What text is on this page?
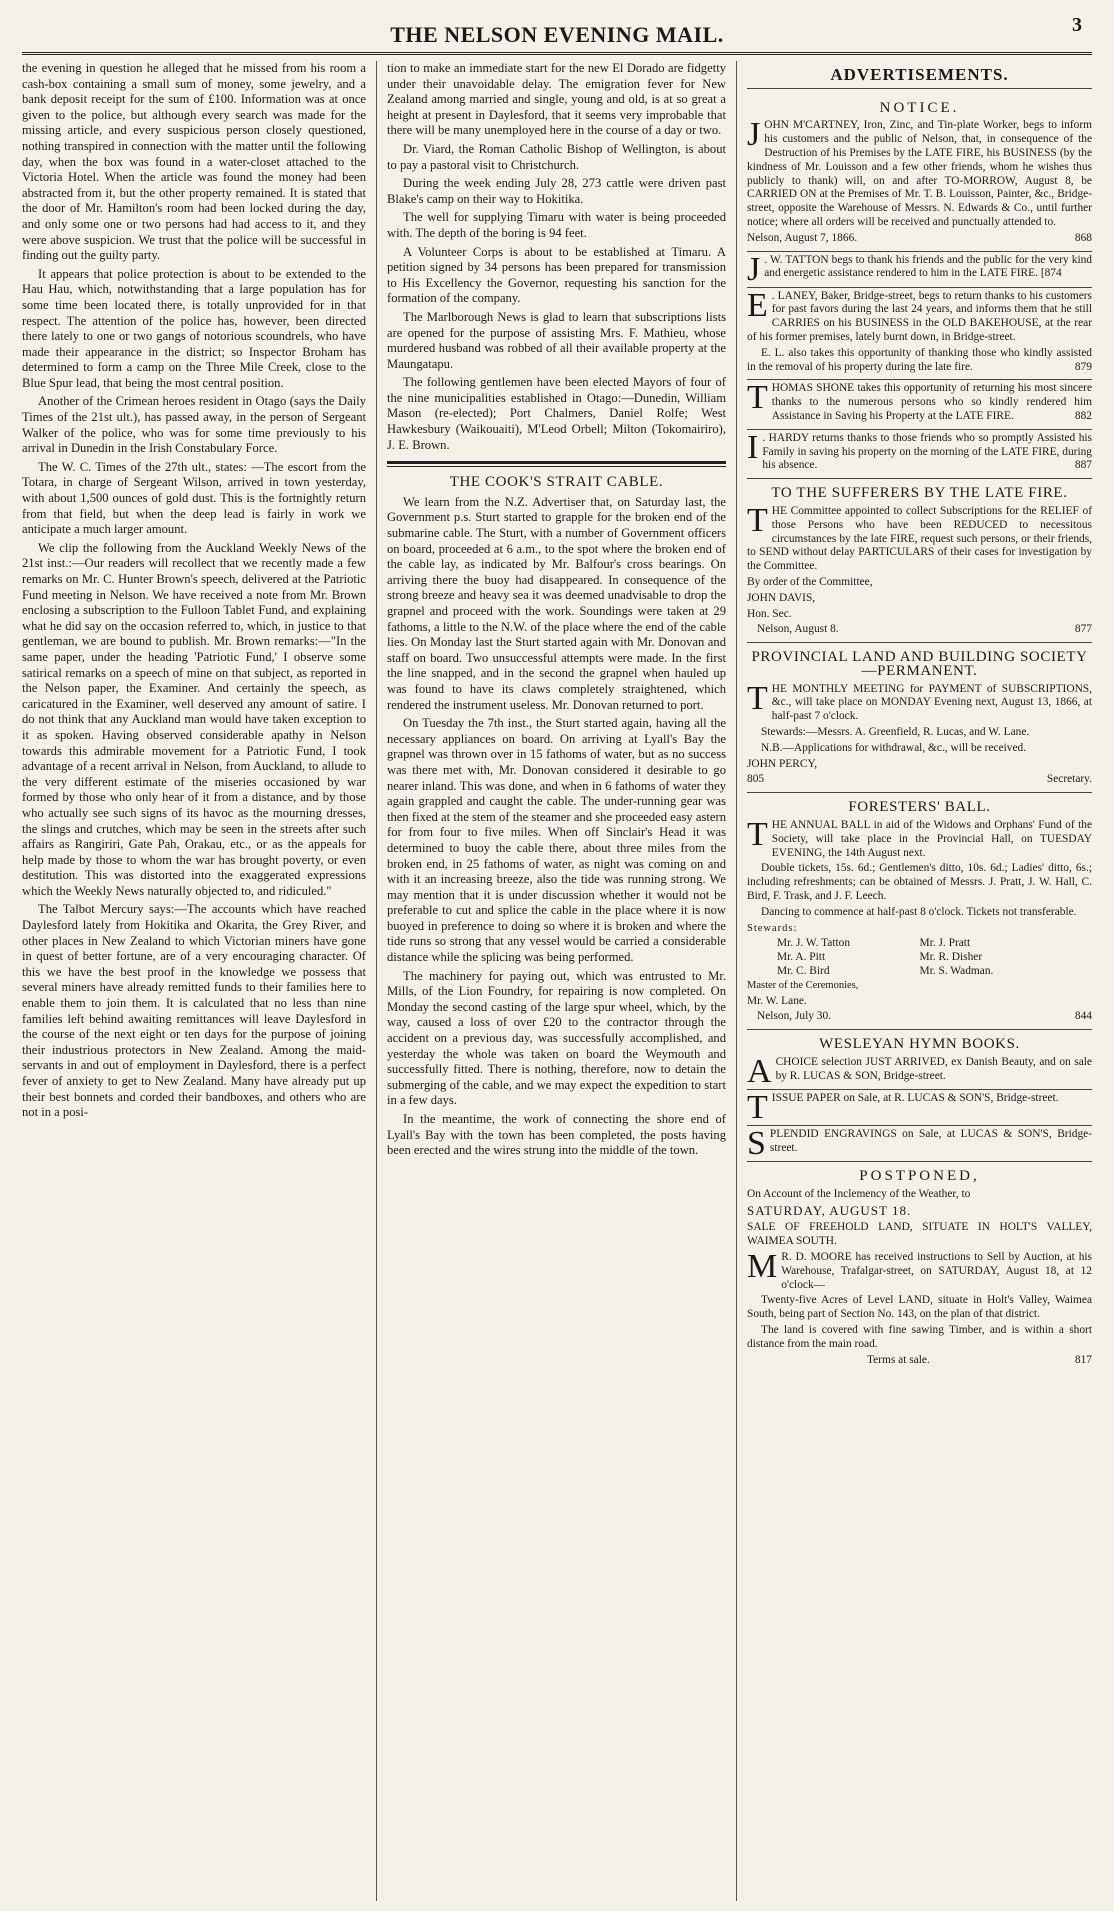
THE NELSON EVENING MAIL.	3

the evening in question he alleged that he missed from his room a cash-box containing a small sum of money, some jewelry, and a bank deposit receipt for the sum of £100. Information was at once given to the police, but although every search was made for the missing article, and every suspicious person closely questioned, nothing transpired in connection with the matter until the following day, when the box was found in a water-closet attached to the Victoria Hotel. When the article was found the money had been abstracted from it, but the other property remained. It is stated that the door of Mr. Hamilton's room had been locked during the day, and only some one or two persons had had access to it, and they were above suspicion. We trust that the police will be successful in finding out the guilty party.

It appears that police protection is about to be extended to the Hau Hau, which, notwithstanding that a large population has for some time been located there, is totally unprovided for in that respect. The attention of the police has, however, been directed there lately to one or two gangs of notorious scoundrels, who have made their appearance in the district; so Inspector Broham has determined to form a camp on the Three Mile Creek, close to the Blue Spur lead, that being the most central position.

Another of the Crimean heroes resident in Otago (says the Daily Times of the 21st ult.), has passed away, in the person of Sergeant Walker of the police, who was for some time previously to his arrival in Dunedin in the Irish Constabulary Force.

The W. C. Times of the 27th ult., states: —The escort from the Totara, in charge of Sergeant Wilson, arrived in town yesterday, with about 1,500 ounces of gold dust. This is the fortnightly return from that field, but when the deep lead is fairly in work we anticipate a much larger amount.

We clip the following from the Auckland Weekly News of the 21st inst.:—Our readers will recollect that we recently made a few remarks on Mr. C. Hunter Brown's speech, delivered at the Patriotic Fund meeting in Nelson. We have received a note from Mr. Brown enclosing a subscription to the Fulloon Tablet Fund, and explaining what he did say on the occasion referred to, which, in justice to that gentleman, we are bound to publish. Mr. Brown remarks:—"In the same paper, under the heading 'Patriotic Fund,' I observe some satirical remarks on a speech of mine on that subject, as reported in the Nelson paper, the Examiner. And certainly the speech, as caricatured in the Examiner, well deserved any amount of satire. I do not think that any Auckland man would have taken exception to it as spoken. Having observed considerable apathy in Nelson towards this admirable movement for a Patriotic Fund, I took advantage of a recent arrival in Nelson, from Auckland, to allude to the very different estimate of the miseries occasioned by war formed by those who only hear of it from a distance, and by those who actually see such signs of its havoc as the mourning dresses, the slings and crutches, which may be seen in the streets after such affairs as Rangiriri, Gate Pah, Orakau, etc., or as the appeals for help made by those to whom the war has brought poverty, or even destitution. This was distorted into the exaggerated expressions which the Weekly News naturally objected to, and ridiculed."

The Talbot Mercury says:—The accounts which have reached Daylesford lately from Hokitika and Okarita, the Grey River, and other places in New Zealand to which Victorian miners have gone in quest of better fortune, are of a very encouraging character. Of this we have the best proof in the knowledge we possess that several miners have already remitted funds to their families here to enable them to join them. It is calculated that no less than nine families left behind awaiting remittances will leave Daylesford in the course of the next eight or ten days for the purpose of joining their industrious protectors in New Zealand. Among the maid-servants in and out of employment in Daylesford, there is a perfect fever of anxiety to get to New Zealand. Many have already put up their best bonnets and corded their bandboxes, and others who are not in a posi-

tion to make an immediate start for the new El Dorado are fidgetty under their unavoidable delay. The emigration fever for New Zealand among married and single, young and old, is at so great a height at present in Daylesford, that it seems very improbable that there will be many unemployed here in the course of a day or two.

Dr. Viard, the Roman Catholic Bishop of Wellington, is about to pay a pastoral visit to Christchurch.

During the week ending July 28, 273 cattle were driven past Blake's camp on their way to Hokitika.

The well for supplying Timaru with water is being proceeded with. The depth of the boring is 94 feet.

A Volunteer Corps is about to be established at Timaru. A petition signed by 34 persons has been prepared for transmission to His Excellency the Governor, requesting his sanction for the formation of the company.

The Marlborough News is glad to learn that subscriptions lists are opened for the purpose of assisting Mrs. F. Mathieu, whose murdered husband was robbed of all their available property at the Maungatapu.

The following gentlemen have been elected Mayors of four of the nine municipalities established in Otago:—Dunedin, William Mason (re-elected); Port Chalmers, Daniel Rolfe; West Hawkesbury (Waikouaiti), M'Leod Orbell; Milton (Tokomairiro), J. E. Brown.

THE COOK'S STRAIT CABLE.

We learn from the N.Z. Advertiser that, on Saturday last, the Government p.s. Sturt started to grapple for the broken end of the submarine cable. The Sturt, with a number of Government officers on board, proceeded at 6 a.m., to the spot where the broken end of the cable lay, as indicated by Mr. Balfour's cross bearings. On arriving there the buoy had disappeared. In consequence of the strong breeze and heavy sea it was deemed unadvisable to drop the grapnel and proceed with the work. Soundings were taken at 29 fathoms, a little to the N.W. of the place where the end of the cable lies. On Monday last the Sturt started again with Mr. Donovan and staff on board. Two unsuccessful attempts were made. In the first the line snapped, and in the second the grapnel when hauled up was found to have its claws completely straightened, which rendered the instrument useless. Mr. Donovan returned to port.

On Tuesday the 7th inst., the Sturt started again, having all the necessary appliances on board. On arriving at Lyall's Bay the grapnel was thrown over in 15 fathoms of water, but as no success was there met with, Mr. Donovan considered it desirable to go nearer inland. This was done, and when in 6 fathoms of water they again grappled and caught the cable. The under-running gear was then fixed at the stem of the steamer and she proceeded easy astern for from four to five miles. When off Sinclair's Head it was determined to buoy the cable there, about three miles from the broken end, in 25 fathoms of water, as night was coming on and with it an increasing breeze, also the tide was running strong. We may mention that it is under discussion whether it would not be preferable to cut and splice the cable in the place where it is now buoyed in preference to doing so where it is broken and where the tide runs so strong that any vessel would be carried a considerable distance while the splicing was being performed.

The machinery for paying out, which was entrusted to Mr. Mills, of the Lion Foundry, for repairing is now completed. On Monday the second casting of the large spur wheel, which, by the way, caused a loss of over £20 to the contractor through the accident on a previous day, was successfully accomplished, and yesterday the whole was taken on board the Weymouth and successfully fitted. There is nothing, therefore, now to detain the submerging of the cable, and we may expect the expedition to start in a few days.

In the meantime, the work of connecting the shore end of Lyall's Bay with the town has been completed, the posts having been erected and the wires strung into the middle of the town.

ADVERTISEMENTS.
NOTICE.

JOHN M'CARTNEY, Iron, Zinc, and Tin-plate Worker, begs to inform his customers and the public of Nelson, that, in consequence of the Destruction of his Premises by the LATE FIRE, his BUSINESS (by the kindness of Mr. Louisson and a few other friends, whom he wishes thus publicly to thank) will, on and after TO-MORROW, August 8, be CARRIED ON at the Premises of Mr. T. B. Louisson, Painter, &c., Bridge-street, opposite the Warehouse of Messrs. N. Edwards & Co., until further notice; where all orders will be received and punctually attended to.

Nelson, August 7, 1866.	868

J . W. TATTON begs to thank his friends and the public for the very kind and energetic assistance rendered to him in the LATE FIRE. [874

E . LANEY, Baker, Bridge-street, begs to return thanks to his customers for past favors during the last 24 years, and informs them that he still CARRIES on his BUSINESS in the OLD BAKEHOUSE, at the rear of his former premises, lately burnt down, in Bridge-street.

E. L. also takes this opportunity of thanking those who kindly assisted in the removal of his property during the late fire.	879

THOMAS SHONE takes this opportunity of returning his most sincere thanks to the numerous persons who so kindly rendered him Assistance in Saving his Property at the LATE FIRE.	882

I . HARDY returns thanks to those friends who so promptly Assisted his Family in saving his property on the morning of the LATE FIRE, during his absence.	887

TO THE SUFFERERS BY THE LATE FIRE.

THE Committee appointed to collect Subscriptions for the RELIEF of those Persons who have been REDUCED to necessitous circumstances by the late FIRE, request such persons, or their friends, to SEND without delay PARTICULARS of their cases for investigation by the Committee.

By order of the Committee,

JOHN DAVIS,

Hon. Sec.

Nelson, August 8.	877

PROVINCIAL LAND AND BUILDING SOCIETY—PERMANENT.

THE MONTHLY MEETING for PAYMENT of SUBSCRIPTIONS, &c., will take place on MONDAY Evening next, August 13, 1866, at half-past 7 o'clock.

Stewards:—Messrs. A. Greenfield, R. Lucas, and W. Lane.

N.B.—Applications for withdrawal, &c., will be received.

JOHN PERCY,

805	Secretary.

FORESTERS' BALL.

THE ANNUAL BALL in aid of the Widows and Orphans' Fund of the Society, will take place in the Provincial Hall, on TUESDAY EVENING, the 14th August next.

Double tickets, 15s. 6d.; Gentlemen's ditto, 10s. 6d.; Ladies' ditto, 6s.; including refreshments; can be obtained of Messrs. J. Pratt, J. W. Hall, C. Bird, F. Trask, and J. F. Leech.

Dancing to commence at half-past 8 o'clock. Tickets not transferable.

Stewards:

Mr. J. W. Tatton	Mr. J. Pratt
Mr. A. Pitt	Mr. R. Disher
Mr. C. Bird	Mr. S. Wadman.

Master of the Ceremonies,

Mr. W. Lane.

Nelson, July 30.	844

WESLEYAN HYMN BOOKS.

ACHOICE selection JUST ARRIVED, ex Danish Beauty, and on sale by R. LUCAS & SON, Bridge-street.

TISSUE PAPER on Sale, at R. LUCAS & SON'S, Bridge-street.

SPLENDID ENGRAVINGS on Sale, at LUCAS & SON'S, Bridge-street.

POSTPONED,

On Account of the Inclemency of the Weather, to

SATURDAY, AUGUST 18.

SALE OF FREEHOLD LAND, SITUATE IN HOLT'S VALLEY, WAIMEA SOUTH.

M R. D. MOORE has received instructions to Sell by Auction, at his Warehouse, Trafalgar-street, on SATURDAY, August 18, at 12 o'clock—

Twenty-five Acres of Level LAND, situate in Holt's Valley, Waimea South, being part of Section No. 143, on the plan of that district.

The land is covered with fine sawing Timber, and is within a short distance from the main road.

Terms at sale.	817
